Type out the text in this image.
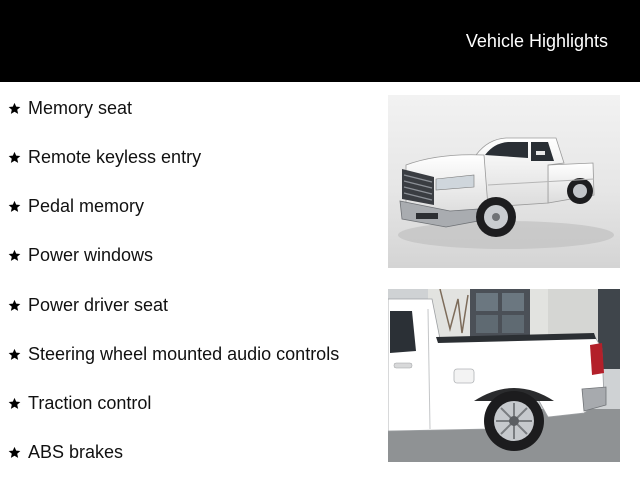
Vehicle Highlights
Memory seat
Remote keyless entry
Pedal memory
Power windows
Power driver seat
Steering wheel mounted audio controls
Traction control
ABS brakes
